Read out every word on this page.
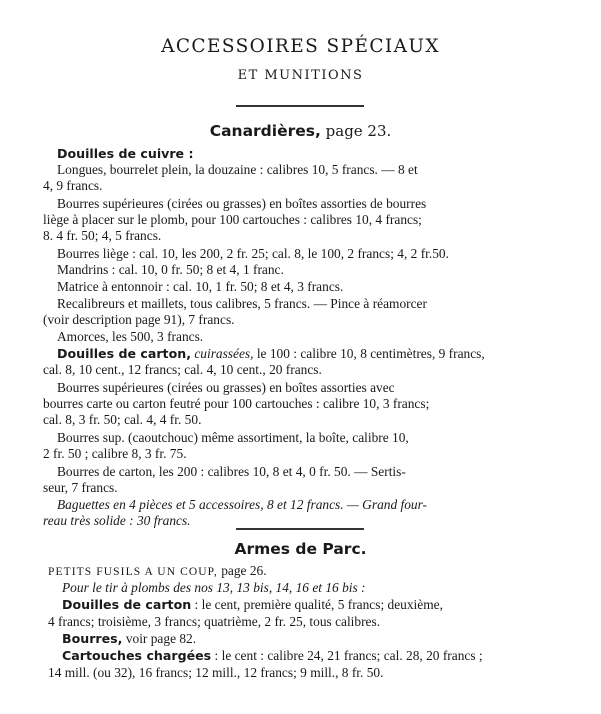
ACCESSOIRES SPÉCIAUX
ET MUNITIONS
Canardières, page 23.
Douilles de cuivre :
Longues, bourrelet plein, la douzaine : calibres 10, 5 francs. — 8 et
4, 9 francs.
Bourres supérieures (cirées ou grasses) en boîtes assorties de bourres
liège à placer sur le plomb, pour 100 cartouches : calibres 10, 4 francs;
8. 4 fr. 50; 4, 5 francs.
Bourres liège : cal. 10, les 200, 2 fr. 25; cal. 8, le 100, 2 francs; 4, 2 fr.50.
Mandrins : cal. 10, 0 fr. 50; 8 et 4, 1 franc.
Matrice à entonnoir : cal. 10, 1 fr. 50; 8 et 4, 3 francs.
Recalibreurs et maillets, tous calibres, 5 francs. — Pince à réamorcer
(voir description page 91), 7 francs.
Amorces, les 500, 3 francs.
Douilles de carton, cuirassées, le 100 : calibre 10, 8 centimètres, 9 francs,
cal. 8, 10 cent., 12 francs; cal. 4, 10 cent., 20 francs.
Bourres supérieures (cirées ou grasses) en boîtes assorties avec
bourres carte ou carton feutré pour 100 cartouches : calibre 10, 3 francs;
cal. 8, 3 fr. 50; cal. 4, 4 fr. 50.
Bourres sup. (caoutchouc) même assortiment, la boîte, calibre 10,
2 fr. 50 ; calibre 8, 3 fr. 75.
Bourres de carton, les 200 : calibres 10, 8 et 4, 0 fr. 50. — Sertis-
seur, 7 francs.
Baguettes en 4 pièces et 5 accessoires, 8 et 12 francs. — Grand four-
reau très solide : 30 francs.
Armes de Parc.
PETITS FUSILS A UN COUP, page 26.
Pour le tir à plombs des nos 13, 13 bis, 14, 16 et 16 bis :
Douilles de carton : le cent, première qualité, 5 francs; deuxième,
4 francs; troisième, 3 francs; quatrième, 2 fr. 25, tous calibres.
Bourres, voir page 82.
Cartouches chargées : le cent : calibre 24, 21 francs; cal. 28, 20 francs ;
14 mill. (ou 32), 16 francs; 12 mill., 12 francs; 9 mill., 8 fr. 50.
